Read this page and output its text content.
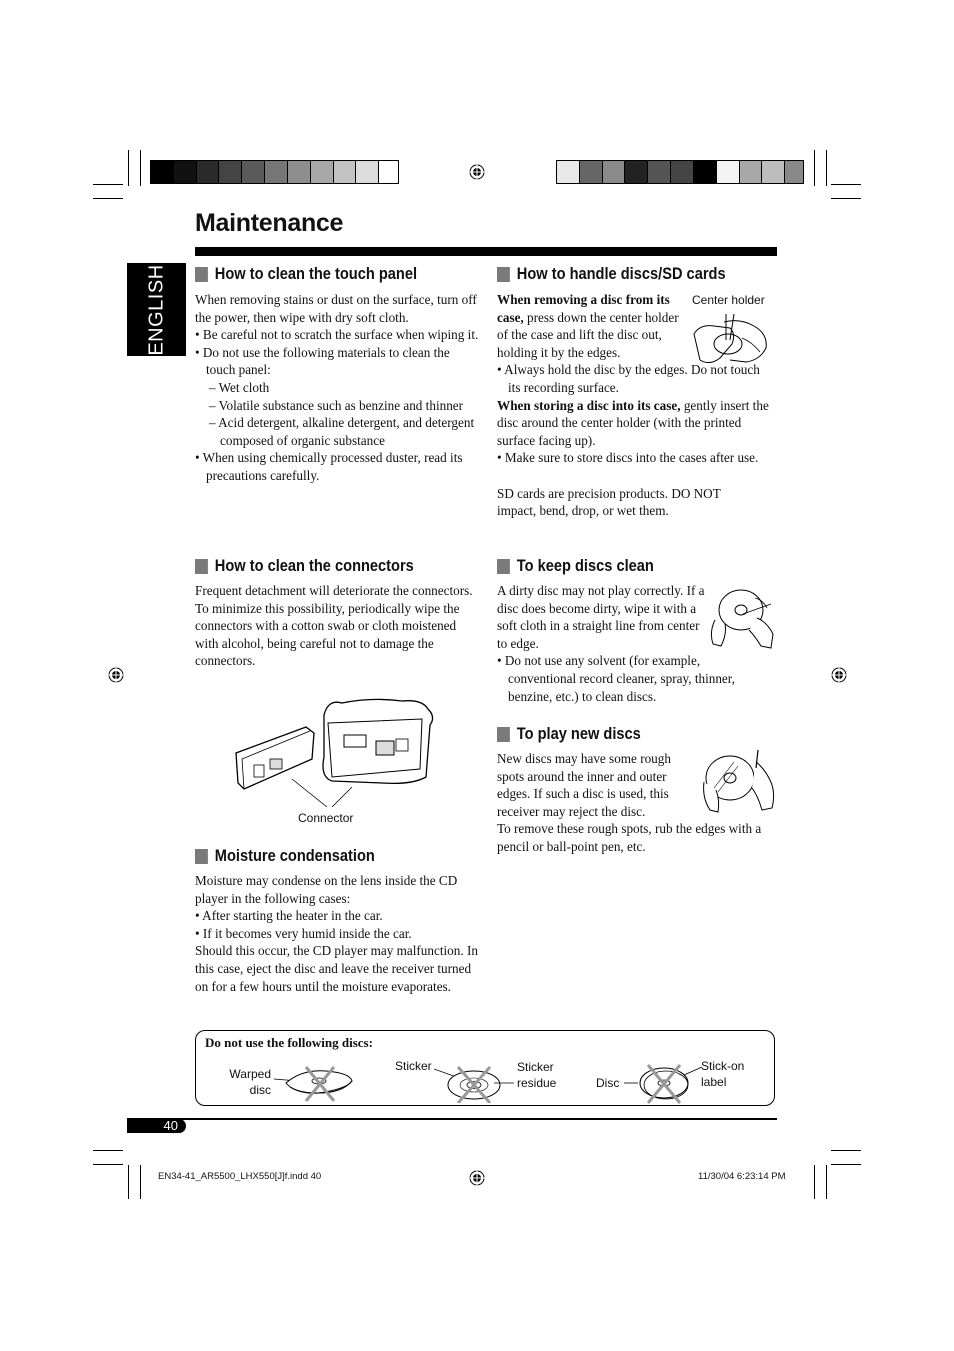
Maintenance
ENGLISH	How to clean the touch panel

When removing stains or dust on the surface, turn off the power, then wipe with dry soft cloth.

• Be careful not to scratch the surface when wiping it.

• Do not use the following materials to clean the touch panel:

– Wet cloth

– Volatile substance such as benzine and thinner

– Acid detergent, alkaline detergent, and detergent composed of organic substance

• When using chemically processed duster, read its precautions carefully.

How to clean the connectors

Frequent detachment will deteriorate the connectors.

To minimize this possibility, periodically wipe the connectors with a cotton swab or cloth moistened with alcohol, being careful not to damage the connectors.

Connector
Moisture condensation

Moisture may condense on the lens inside the CD player in the following cases:

• After starting the heater in the car.

• If it becomes very humid inside the car.

Should this occur, the CD player may malfunction. In this case, eject the disc and leave the receiver turned on for a few hours until the moisture evaporates.

How to handle discs/SD cards
Center holder

When removing a disc from its case, press down the center holder of the case and lift the disc out, holding it by the edges.

• Always hold the disc by the edges. Do not touch its recording surface.

When storing a disc into its case, gently insert the disc around the center holder (with the printed surface facing up).

• Make sure to store discs into the cases after use.

SD cards are precision products. DO NOT impact, bend, drop, or wet them.

To keep discs clean

A dirty disc may not play correctly. If a disc does become dirty, wipe it with a soft cloth in a straight line from center to edge.

• Do not use any solvent (for example, conventional record cleaner, spray, thinner, benzine, etc.) to clean discs.

To play new discs

New discs may have some rough spots around the inner and outer edges. If such a disc is used, this receiver may reject the disc.

To remove these rough spots, rub the edges with a pencil or ball-point pen, etc.

Do not use the following discs:
Warped disc
Sticker	Sticker residue	Disc
Stick-on label
40
EN34-41_AR5500_LHX550[J]f.indd 40	11/30/04 6:23:14 PM
